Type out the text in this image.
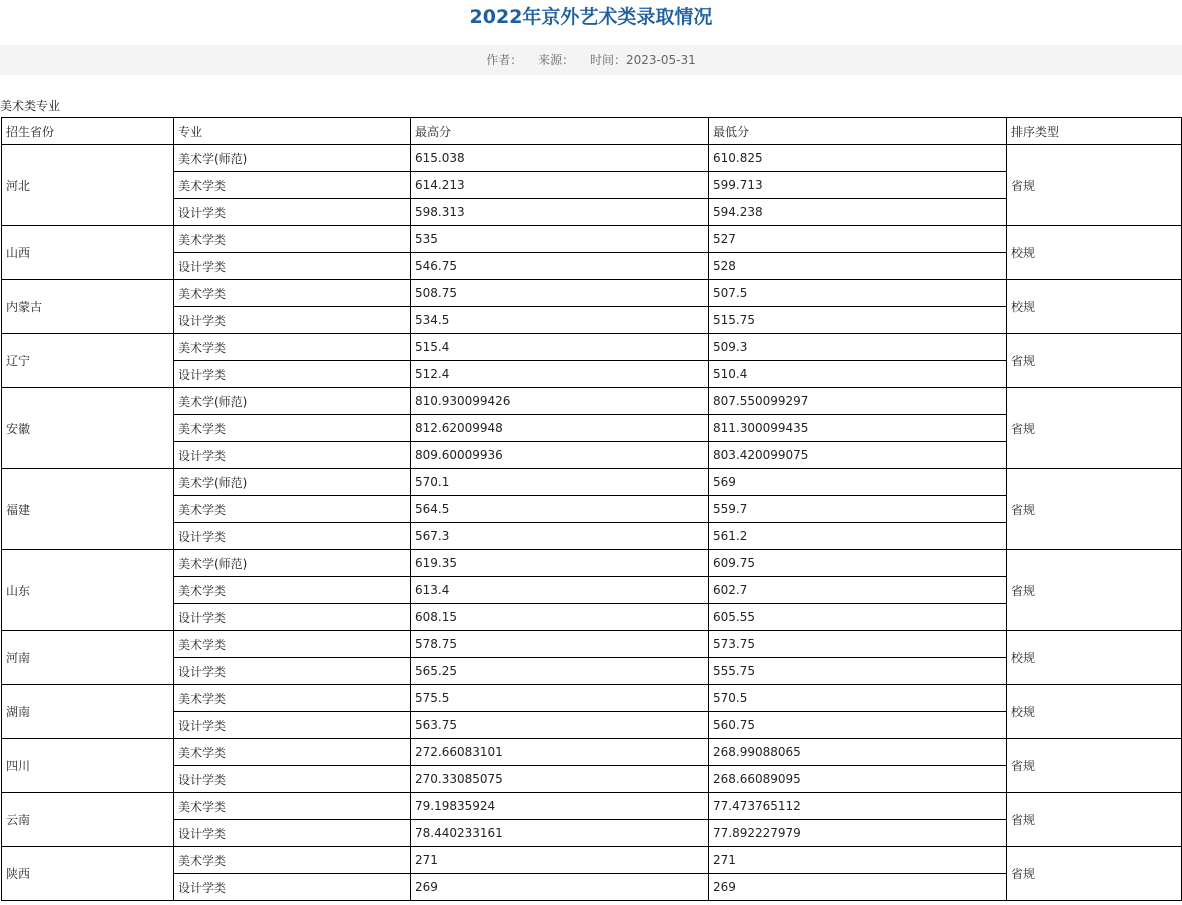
2022年京外艺术类录取情况
作者： 来源： 时间：2023-05-31
美术类专业
招生省份	专业	最高分	最低分	排序类型
河北	美术学(师范)	615.038	610.825	省规
	美术学类	614.213	599.713	
	设计学类	598.313	594.238	
山西	美术学类	535	527	校规
	设计学类	546.75	528	
内蒙古	美术学类	508.75	507.5	校规
	设计学类	534.5	515.75	
辽宁	美术学类	515.4	509.3	省规
	设计学类	512.4	510.4	
安徽	美术学(师范)	810.930099426	807.550099297	省规
	美术学类	812.62009948	811.300099435	
	设计学类	809.60009936	803.420099075	
福建	美术学(师范)	570.1	569	省规
	美术学类	564.5	559.7	
	设计学类	567.3	561.2	
山东	美术学(师范)	619.35	609.75	省规
	美术学类	613.4	602.7	
	设计学类	608.15	605.55	
河南	美术学类	578.75	573.75	校规
	设计学类	565.25	555.75	
湖南	美术学类	575.5	570.5	校规
	设计学类	563.75	560.75	
四川	美术学类	272.66083101	268.99088065	省规
	设计学类	270.33085075	268.66089095	
云南	美术学类	79.19835924	77.473765112	省规
	设计学类	78.440233161	77.892227979	
陕西	美术学类	271	271	省规
	设计学类	269	269	
